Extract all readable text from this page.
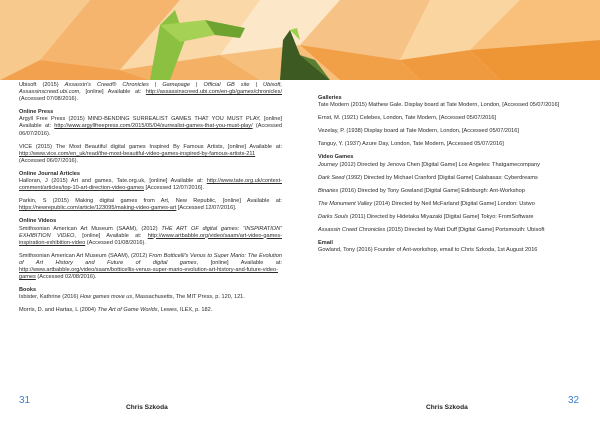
Ubisoft (2015) Assassin's Creed® Chronicles | Gamepage | Official GB site | Ubisoft, Assassinscreed.ubi.com, [online] Available at: http://assassinscreed.ubi.com/en-gb/games/chronicles/ (Accessed 07/08/2016).
Online Press
Argyll Free Press (2015) MIND-BENDING SURREALIST GAMES THAT YOU MUST PLAY, [online] Available at: http://www.argyllfreepress.com/2015/05/04/surrealist-games-that-you-must-play/ (Accessed 06/07/2016).
VICE (2015) The Most Beautiful digital games Inspired By Famous Artists, [online] Available at: http://www.vice.com/en_uk/read/the-most-beautiful-video-games-inspired-by-famous-artists-211 (Accessed 06/07/2016).
Online Journal Articles
Halloran, J (2015) Art and games, Tate.org.uk, [online] Available at: http://www.tate.org.uk/context-comment/articles/top-10-art-direction-video-games [Accessed 12/07/2016].
Parkin, S (2015) Making digital games from Art, New Republic, [online] Available at: https://newrepublic.com/article/123095/making-video-games-art [Accessed 12/07/2016].
Online Videos
Smithsonian American Art Museum (SAAM), (2012) THE ART OF digital games: “INSPIRATION” EXHIBITION VIDEO, [online] Available at: http://www.artbabble.org/video/saam/art-video-games-inspiration-exhibition-video (Accessed 01/08/2016).
Smithsonian American Art Museum (SAAM), (2012) From Botticelli's Venus to Super Mario: The Evolution of Art History and Future of digital games, [online] Available at: http://www.artbabble.org/video/saam/botticellis-venus-super-mario-evolution-art-history-and-future-video-games (Accessed 02/08/2016).
Books
Isbister, Kathrine (2016) How games move us, Massachusetts, The MIT Press, p. 120, 121.
Morris, D. and Hartas, L (2004) The Art of Game Worlds, Lewes, ILEX, p. 182.
Galleries
Tate Modern (2015) Mathew Gale. Display board at Tate Modern, London, [Accessed 05/07/2016]
Ernst, M. (1921) Celebes, London, Tate Modern, [Accessed 05/07/2016]
Vezelay, P. (1938) Display board at Tate Modern, London, [Accessed 05/07/2016]
Tanguy, Y. (1937) Azure Day, London, Tate Modern, [Accessed 05/07/2016]
Video Games
Journey (2012) Directed by Jenova Chen [Digital Game] Los Angeles: Thatgamecompany
Dark Seed (1992) Directed by Michael Cranford [Digital Game] Calabasas: Cyberdreams
Binaries (2016) Directed by Tony Gowland [Digital Game] Edinburgh: Ant-Workshop
The Monument Valley (2014) Directed by Neil McFarland [Digital Game] London: Ustwo
Darks Souls (2011) Directed by Hidetaka Miyazaki [Digital Game] Tokyo: FromSoftware
Assassin Creed Chronicles (2015) Directed by Matt Duff [Digital Game] Portsmouth: Ubisoft
Email
Gowland, Tony (2016) Founder of Ant-workshop, email to Chris Szkoda, 1st August 2016
31
Chris Szkoda	Chris Szkoda
32
